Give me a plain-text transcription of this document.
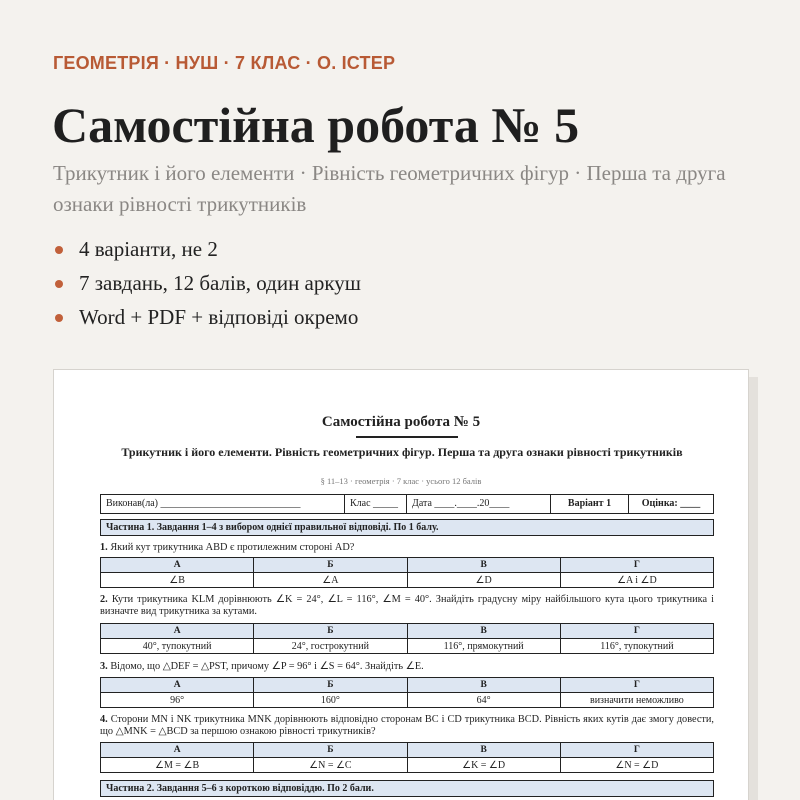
ГЕОМЕТРІЯ · НУШ · 7 КЛАС · О. ІСТЕР
Самостійна робота № 5
Трикутник і його елементи · Рівність геометричних фігур · Перша та друга ознаки рівності трикутників
4 варіанти, не 2
7 завдань, 12 балів, один аркуш
Word + PDF + відповіді окремо
Самостійна робота № 5
Трикутник і його елементи. Рівність геометричних фігур. Перша та друга ознаки рівності трикутників
§ 11–13 · геометрія · 7 клас · усього 12 балів
Виконав(ла) ____________________________	Клас _____	Дата ____.____.20____	Варіант 1	Оцінка: ____
Частина 1. Завдання 1–4 з вибором однієї правильної відповіді. По 1 балу.
1. Який кут трикутника ABD є протилежним стороні AD?
А	Б	В	Г
∠B	∠A	∠D	∠A і ∠D
2. Кути трикутника KLM дорівнюють ∠K = 24°, ∠L = 116°, ∠M = 40°. Знайдіть градусну міру найбільшого кута цього трикутника і визначте вид трикутника за кутами.
А	Б	В	Г
40°, тупокутний	24°, гострокутний	116°, прямокутний	116°, тупокутний
3. Відомо, що △DEF = △PST, причому ∠P = 96° і ∠S = 64°. Знайдіть ∠E.
А	Б	В	Г
96°	160°	64°	визначити неможливо
4. Сторони MN і NK трикутника MNK дорівнюють відповідно сторонам BC і CD трикутника BCD. Рівність яких кутів дає змогу довести, що △MNK = △BCD за першою ознакою рівності трикутників?
А	Б	В	Г
∠M = ∠B	∠N = ∠C	∠K = ∠D	∠N = ∠D
Частина 2. Завдання 5–6 з короткою відповіддю. По 2 бали.
